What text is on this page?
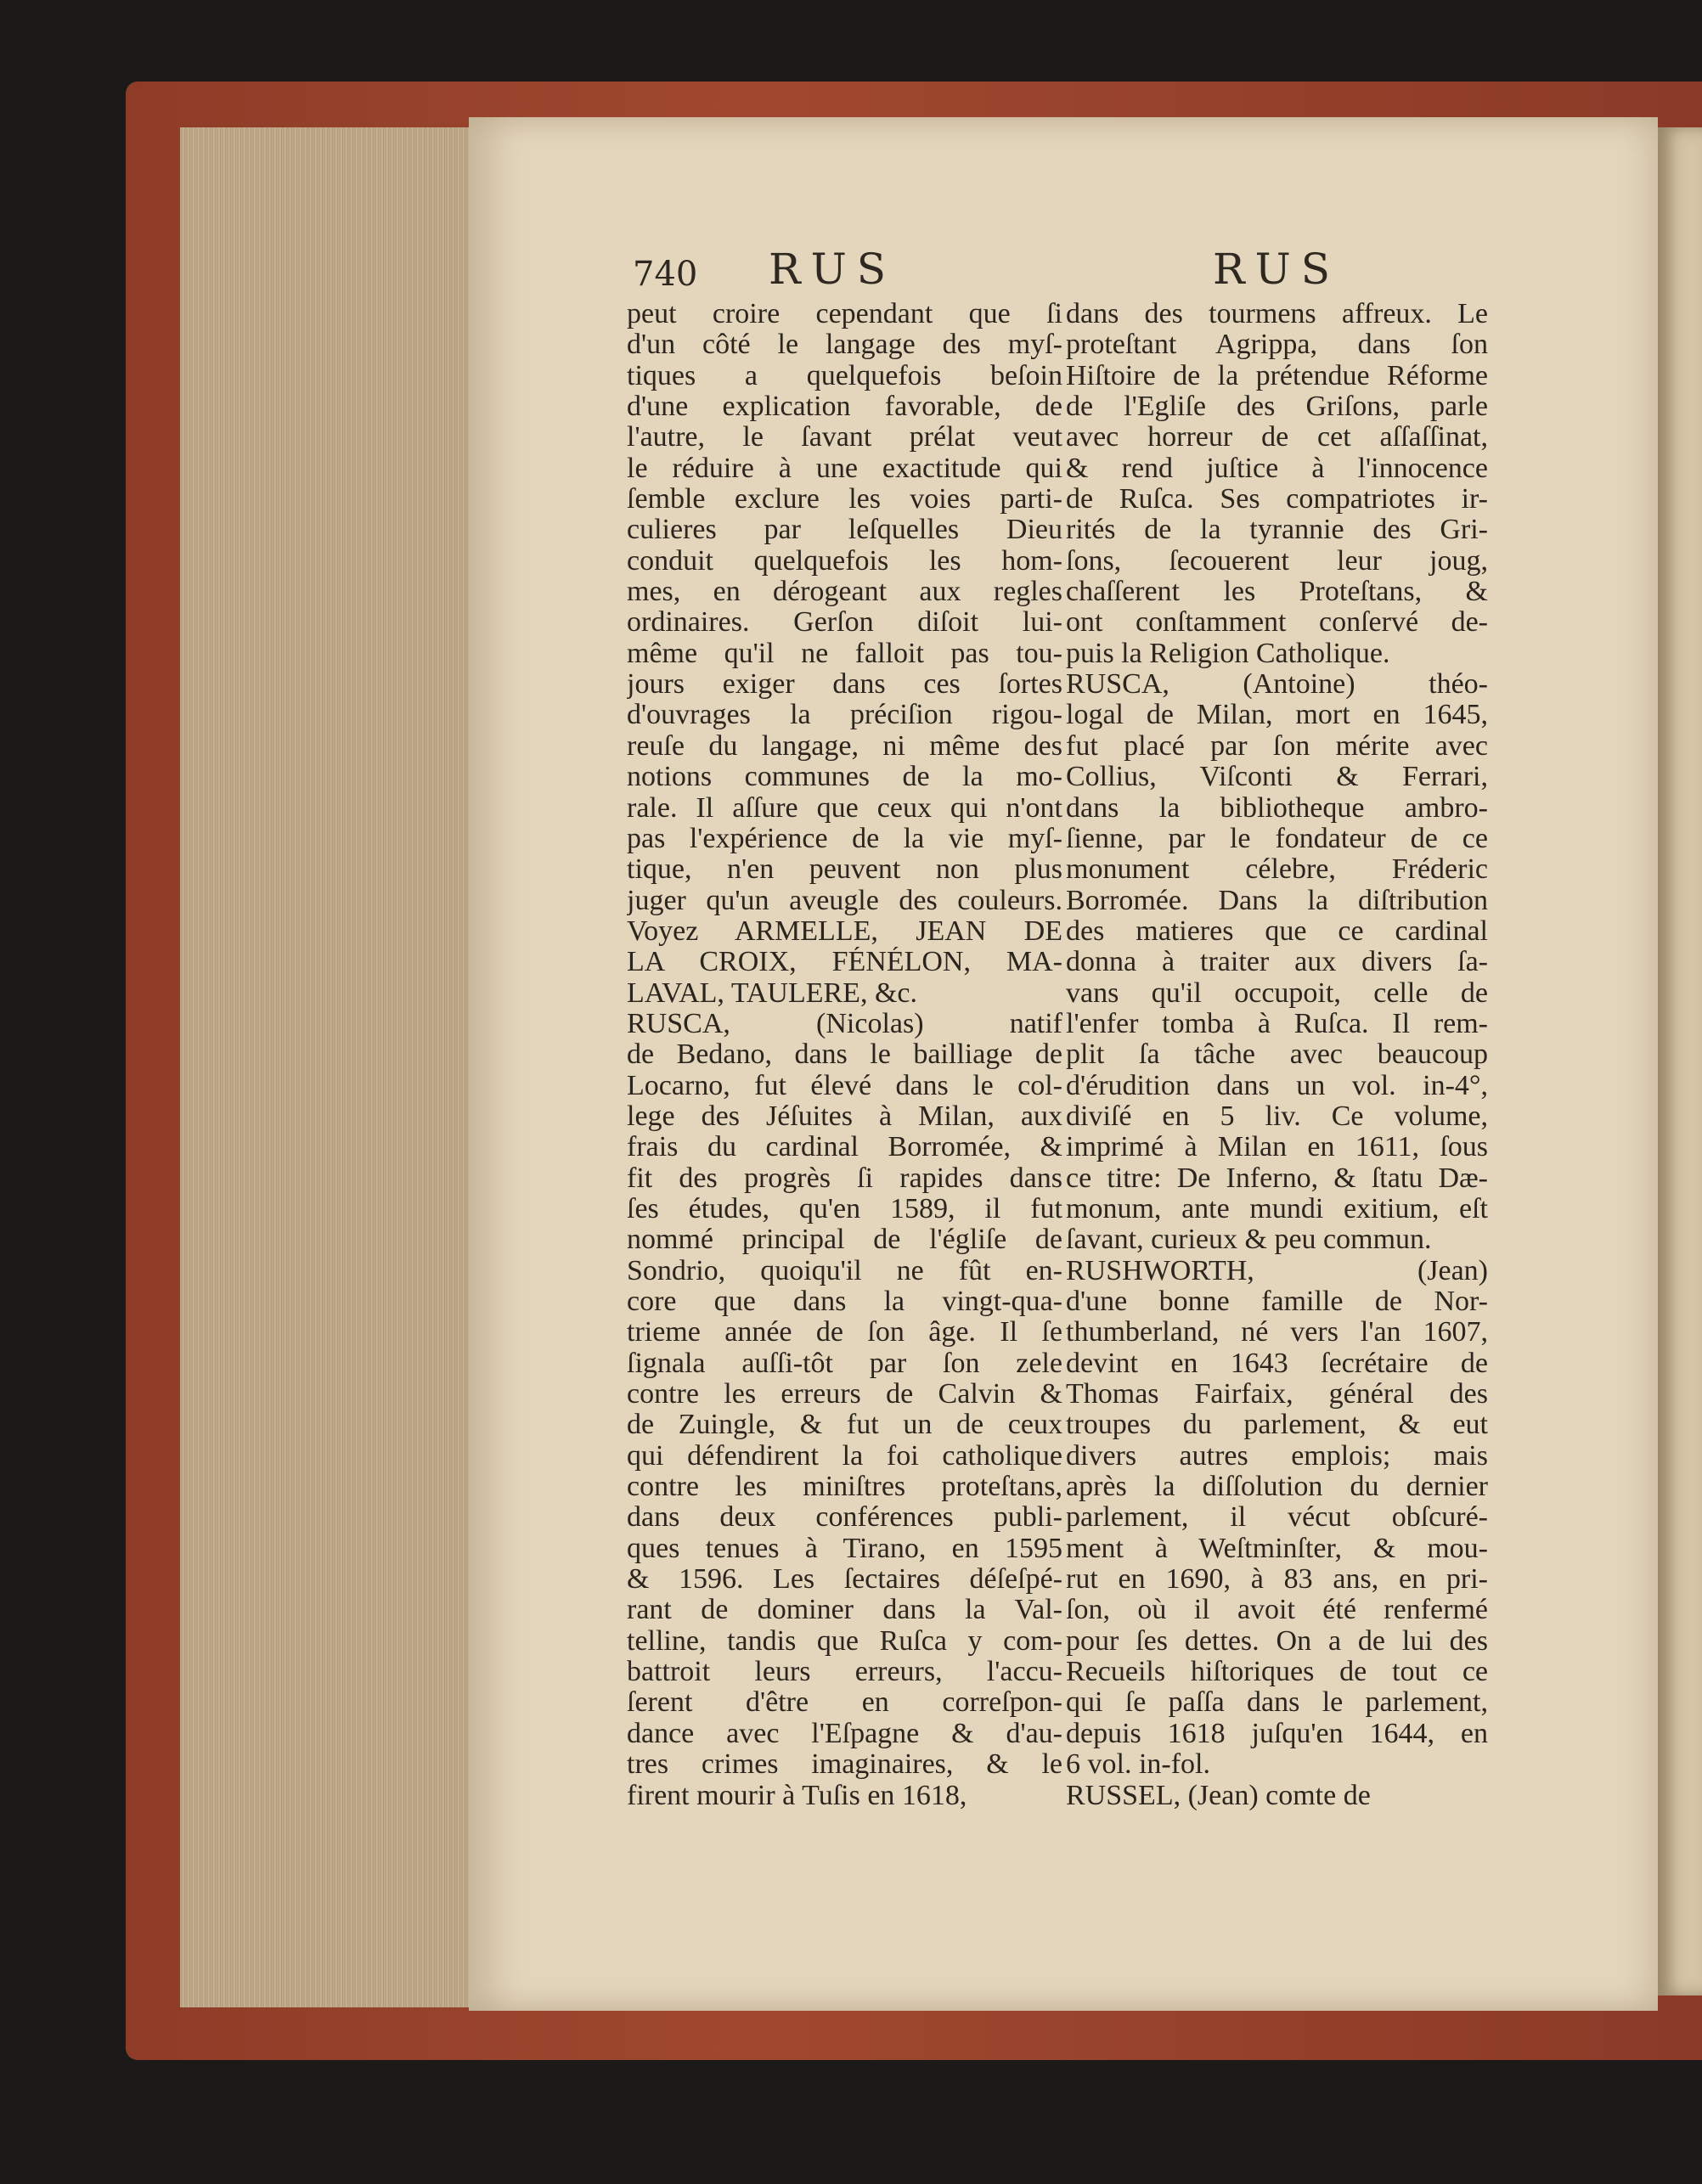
740 RUS	RUS
peut croire cependant que ſi
d'un côté le langage des myſ-
tiques a quelquefois beſoin
d'une explication favorable, de
l'autre, le ſavant prélat veut
le réduire à une exactitude qui
ſemble exclure les voies parti-
culieres par leſquelles Dieu
conduit quelquefois les hom-
mes, en dérogeant aux regles
ordinaires. Gerſon diſoit lui-
même qu'il ne falloit pas tou-
jours exiger dans ces ſortes
d'ouvrages la préciſion rigou-
reuſe du langage, ni même des
notions communes de la mo-
rale. Il aſſure que ceux qui n'ont
pas l'expérience de la vie myſ-
tique, n'en peuvent non plus
juger qu'un aveugle des couleurs.
Voyez ARMELLE, JEAN DE
LA CROIX, FÉNÉLON, MA-
LAVAL, TAULERE, &c.
RUSCA, (Nicolas) natif
de Bedano, dans le bailliage de
Locarno, fut élevé dans le col-
lege des Jéſuites à Milan, aux
frais du cardinal Borromée, &
fit des progrès ſi rapides dans
ſes études, qu'en 1589, il fut
nommé principal de l'égliſe de
Sondrio, quoiqu'il ne fût en-
core que dans la vingt-qua-
trieme année de ſon âge. Il ſe
ſignala auſſi-tôt par ſon zele
contre les erreurs de Calvin &
de Zuingle, & fut un de ceux
qui défendirent la foi catholique
contre les miniſtres proteſtans,
dans deux conférences publi-
ques tenues à Tirano, en 1595
& 1596. Les ſectaires déſeſpé-
rant de dominer dans la Val-
telline, tandis que Ruſca y com-
battroit leurs erreurs, l'accu-
ſerent d'être en correſpon-
dance avec l'Eſpagne & d'au-
tres crimes imaginaires, & le
firent mourir à Tuſis en 1618,
dans des tourmens affreux. Le
proteſtant Agrippa, dans ſon
Hiſtoire de la prétendue Réforme
de l'Egliſe des Griſons, parle
avec horreur de cet aſſaſſinat,
& rend juſtice à l'innocence
de Ruſca. Ses compatriotes ir-
rités de la tyrannie des Gri-
ſons, ſecouerent leur joug,
chaſſerent les Proteſtans, &
ont conſtamment conſervé de-
puis la Religion Catholique.
RUSCA, (Antoine) théo-
logal de Milan, mort en 1645,
fut placé par ſon mérite avec
Collius, Viſconti & Ferrari,
dans la bibliotheque ambro-
ſienne, par le fondateur de ce
monument célebre, Fréderic
Borromée. Dans la diſtribution
des matieres que ce cardinal
donna à traiter aux divers ſa-
vans qu'il occupoit, celle de
l'enfer tomba à Ruſca. Il rem-
plit ſa tâche avec beaucoup
d'érudition dans un vol. in-4°,
diviſé en 5 liv. Ce volume,
imprimé à Milan en 1611, ſous
ce titre: De Inferno, & ſtatu Dæ-
monum, ante mundi exitium, eſt
ſavant, curieux & peu commun.
RUSHWORTH, (Jean)
d'une bonne famille de Nor-
thumberland, né vers l'an 1607,
devint en 1643 ſecrétaire de
Thomas Fairfaix, général des
troupes du parlement, & eut
divers autres emplois; mais
après la diſſolution du dernier
parlement, il vécut obſcuré-
ment à Weſtminſter, & mou-
rut en 1690, à 83 ans, en pri-
ſon, où il avoit été renfermé
pour ſes dettes. On a de lui des
Recueils hiſtoriques de tout ce
qui ſe paſſa dans le parlement,
depuis 1618 juſqu'en 1644, en
6 vol. in-fol.
RUSSEL, (Jean) comte de
